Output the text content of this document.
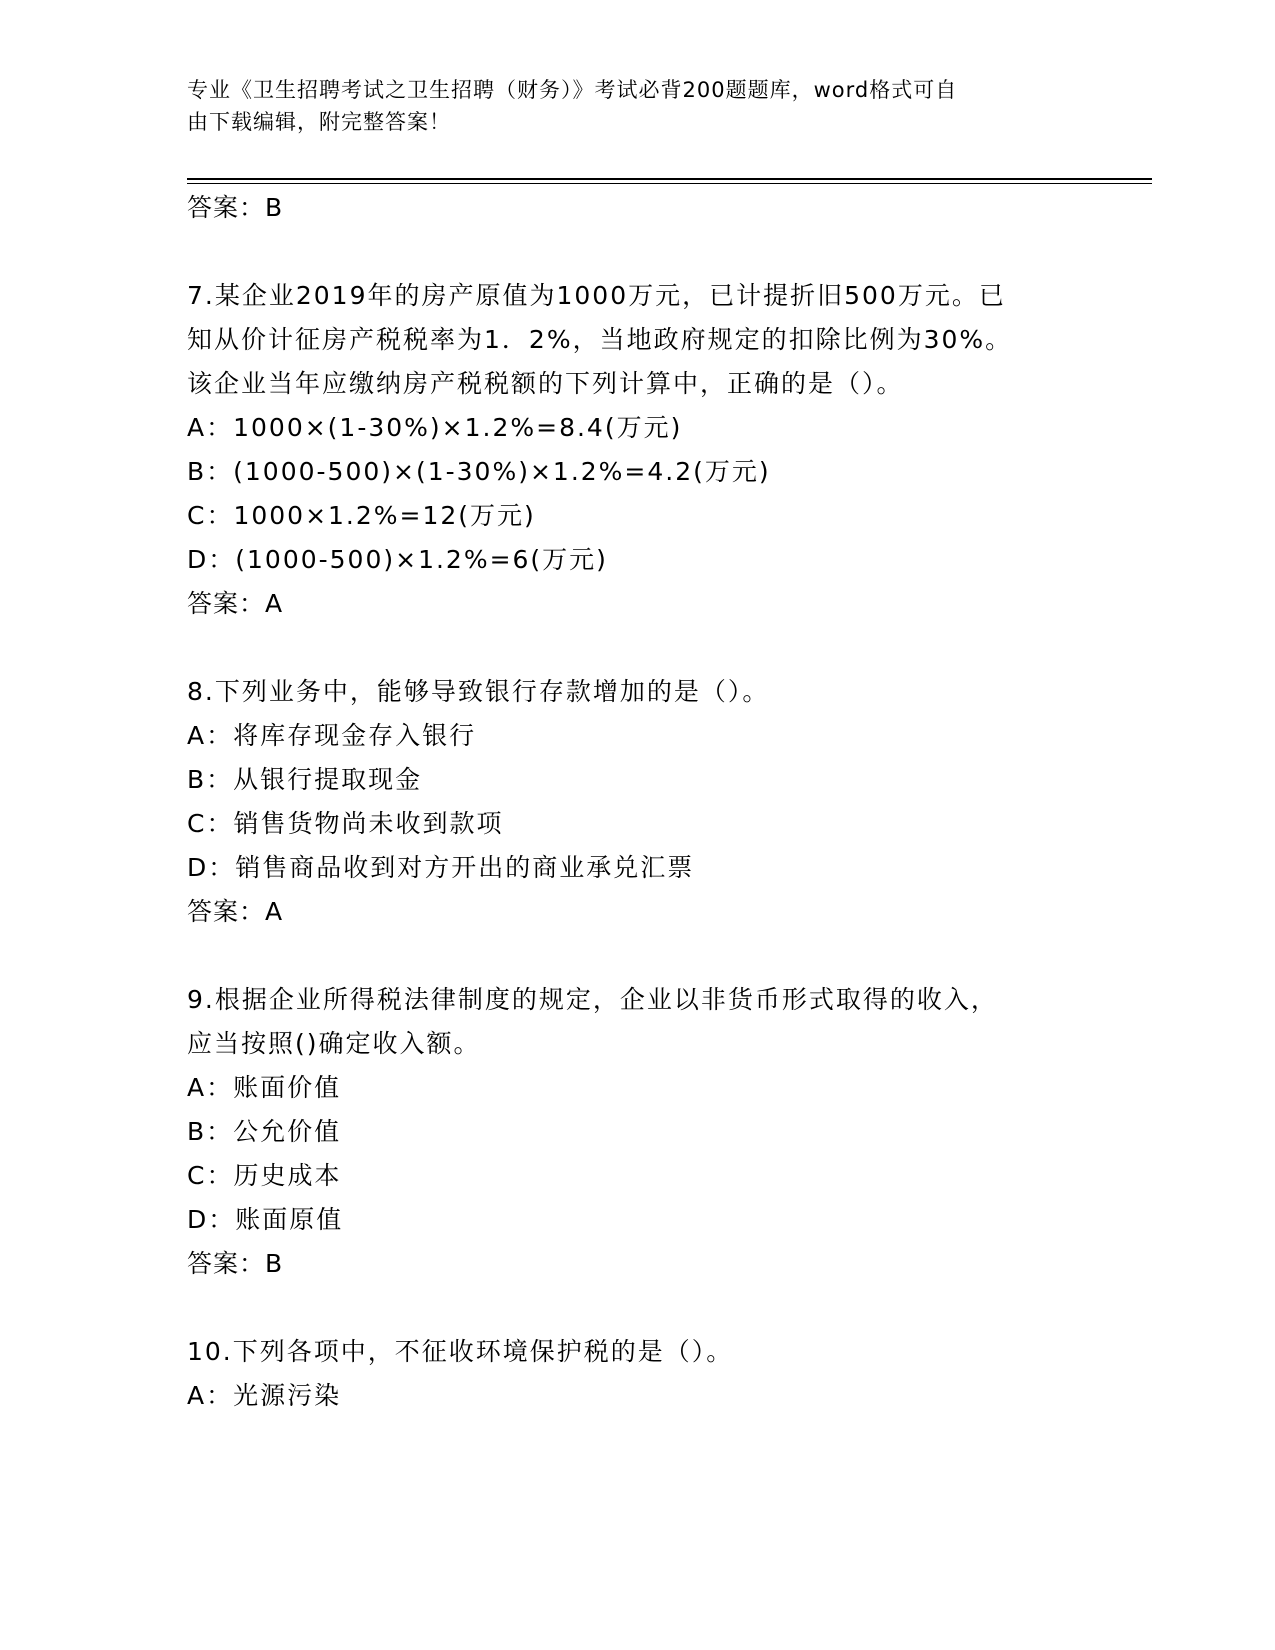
专业《卫生招聘考试之卫生招聘（财务）》考试必背200题题库，word格式可自
由下载编辑，附完整答案！
答案：B
7.某企业2019年的房产原值为1000万元，已计提折旧500万元。已
知从价计征房产税税率为1．2%，当地政府规定的扣除比例为30%。
该企业当年应缴纳房产税税额的下列计算中，正确的是（）。
A：1000×(1-30%)×1.2%=8.4(万元)
B：(1000-500)×(1-30%)×1.2%=4.2(万元)
C：1000×1.2%=12(万元)
D：(1000-500)×1.2%=6(万元)
答案：A
8.下列业务中，能够导致银行存款增加的是（）。
A：将库存现金存入银行
B：从银行提取现金
C：销售货物尚未收到款项
D：销售商品收到对方开出的商业承兑汇票
答案：A
9.根据企业所得税法律制度的规定，企业以非货币形式取得的收入，
应当按照()确定收入额。
A：账面价值
B：公允价值
C：历史成本
D：账面原值
答案：B
10.下列各项中，不征收环境保护税的是（）。
A：光源污染
